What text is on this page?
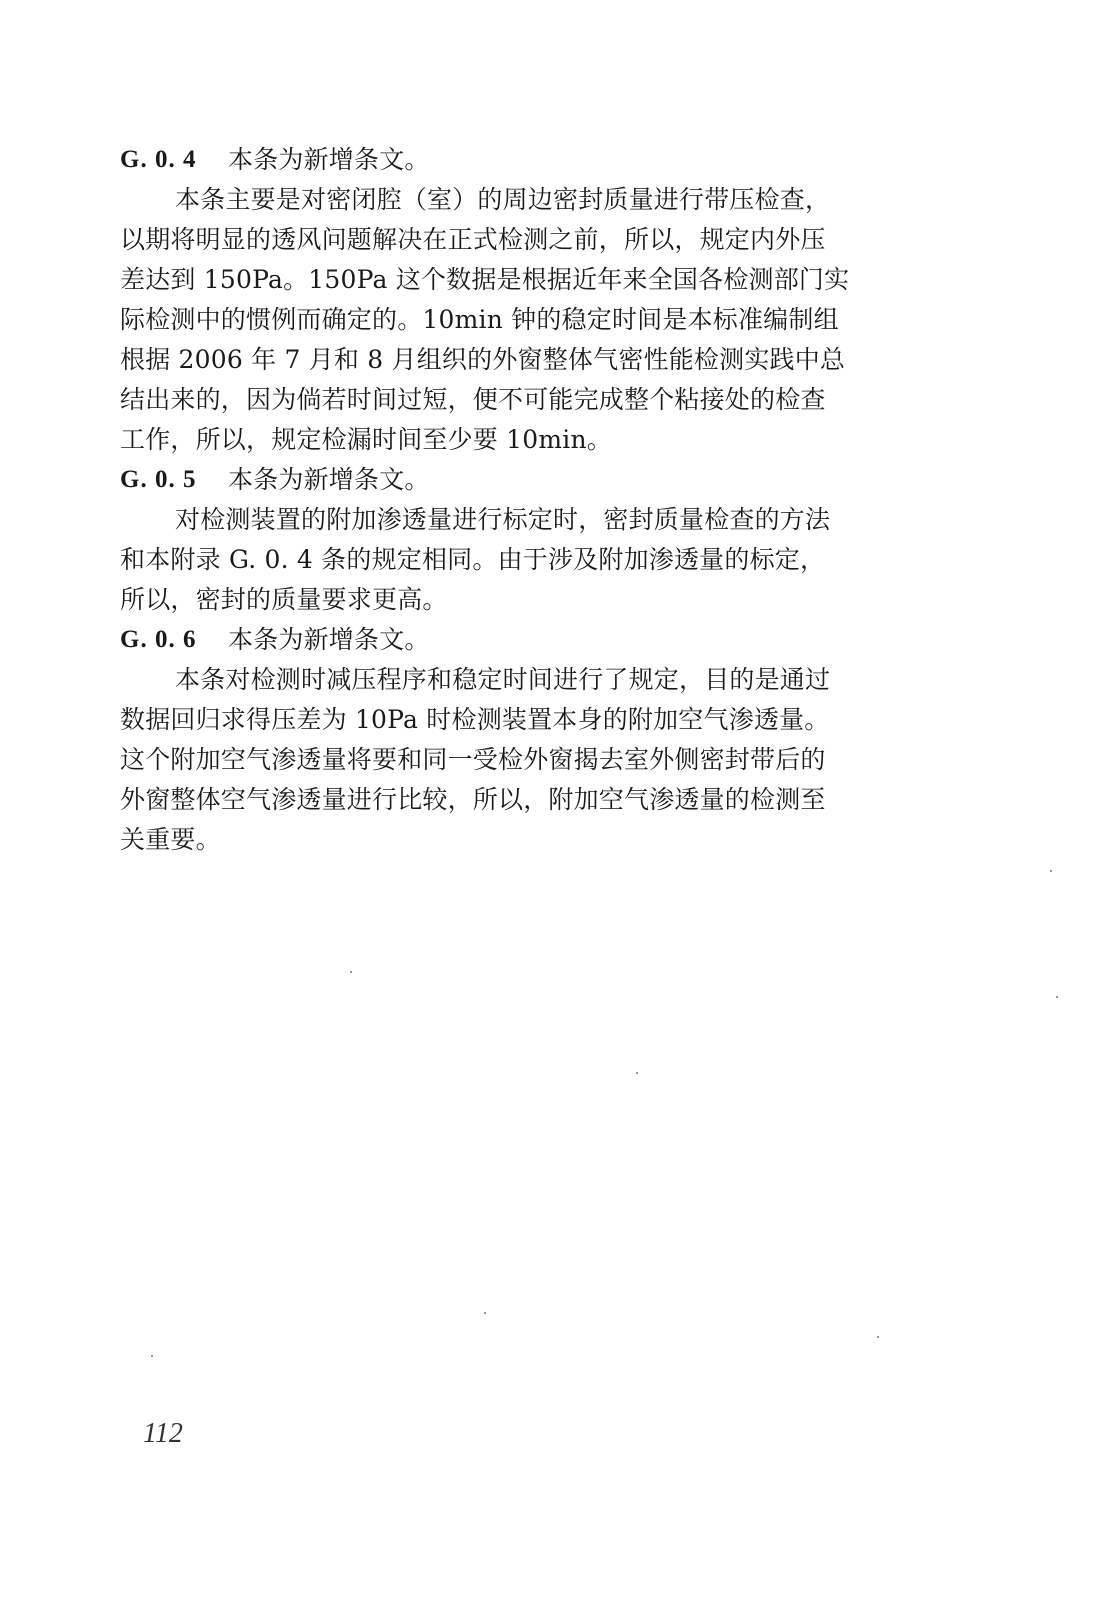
G. 0. 4	本条为新增条文。
本条主要是对密闭腔（室）的周边密封质量进行带压检查，
以期将明显的透风问题解决在正式检测之前，所以，规定内外压
差达到 150Pa。150Pa 这个数据是根据近年来全国各检测部门实
际检测中的惯例而确定的。10min 钟的稳定时间是本标准编制组
根据 2006 年 7 月和 8 月组织的外窗整体气密性能检测实践中总
结出来的，因为倘若时间过短，便不可能完成整个粘接处的检查
工作，所以，规定检漏时间至少要 10min。
G. 0. 5	本条为新增条文。
对检测装置的附加渗透量进行标定时，密封质量检查的方法
和本附录 G. 0. 4 条的规定相同。由于涉及附加渗透量的标定，
所以，密封的质量要求更高。
G. 0. 6	本条为新增条文。
本条对检测时减压程序和稳定时间进行了规定，目的是通过
数据回归求得压差为 10Pa 时检测装置本身的附加空气渗透量。
这个附加空气渗透量将要和同一受检外窗揭去室外侧密封带后的
外窗整体空气渗透量进行比较，所以，附加空气渗透量的检测至
关重要。
112
